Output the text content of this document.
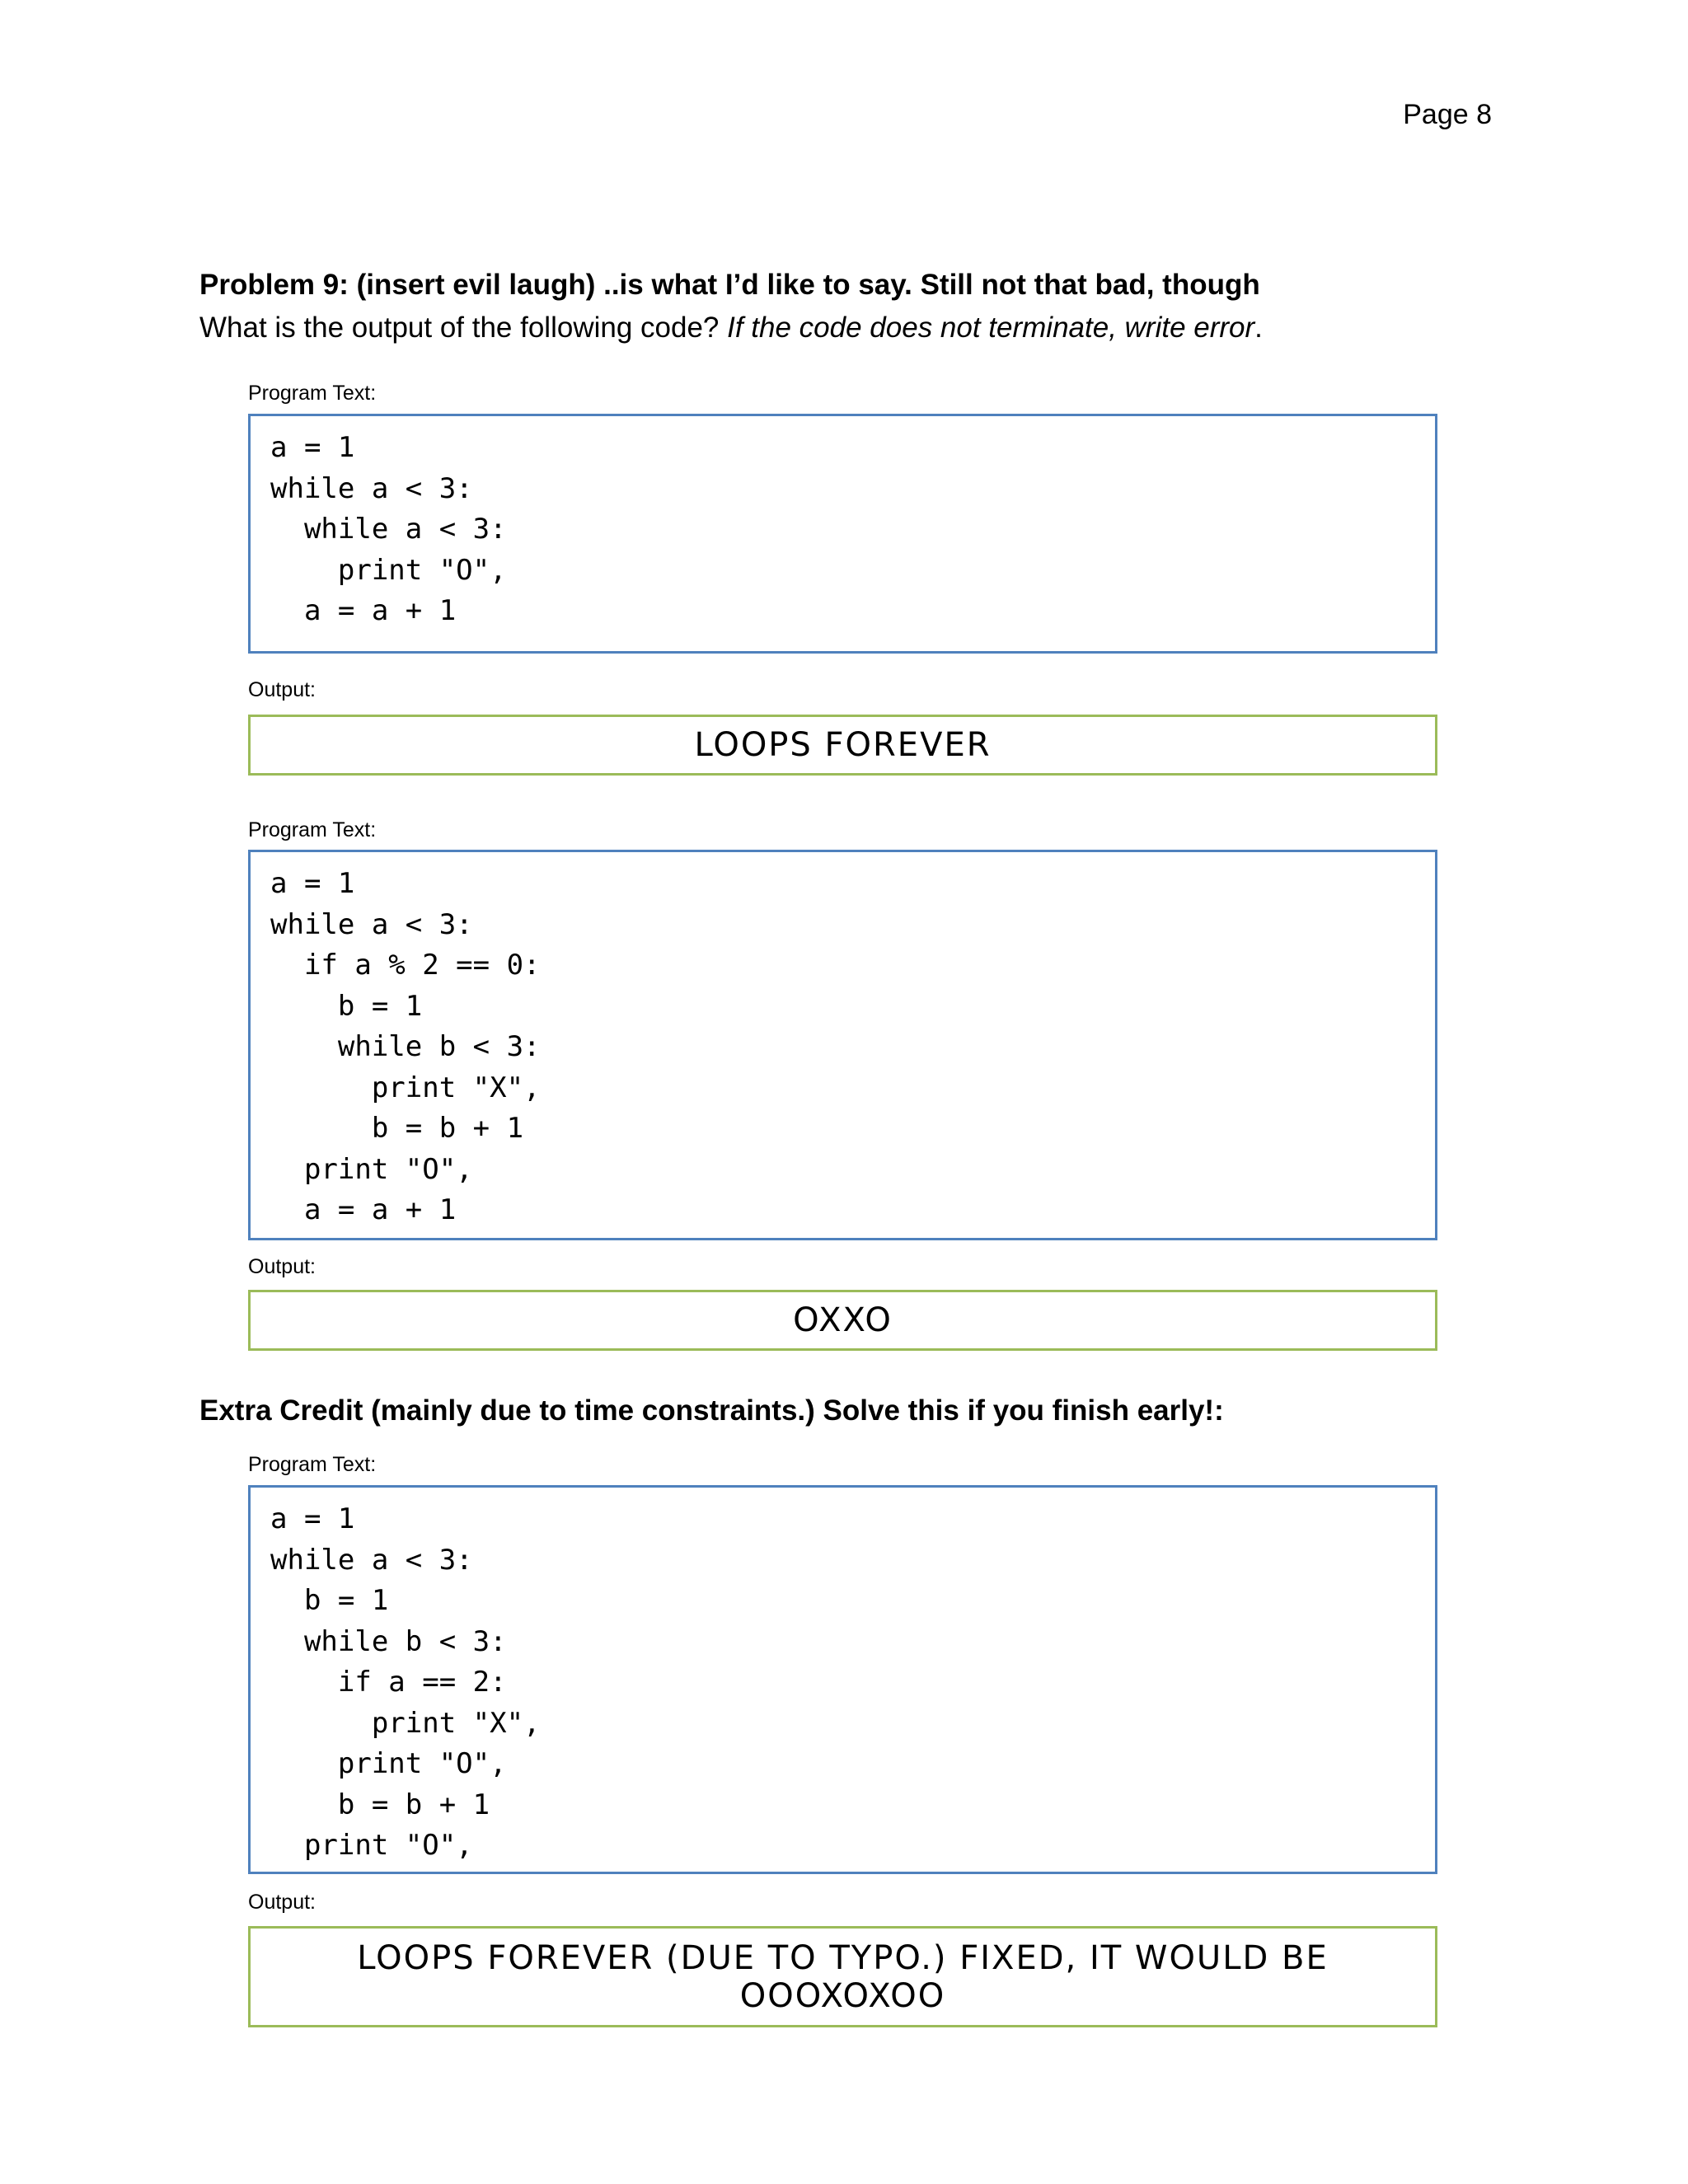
Page 8
Problem 9: (insert evil laugh) ..is what I’d like to say. Still not that bad, though
What is the output of the following code? If the code does not terminate, write error.
Program Text:
a = 1
while a < 3:
while a < 3:
print "O",
a = a + 1
Output:
LOOPS FOREVER
Program Text:
a = 1
while a < 3:
if a % 2 == 0:
b = 1
while b < 3:
print "X",
b = b + 1
print "O",
a = a + 1
Output:
OXXO
Extra Credit (mainly due to time constraints.) Solve this if you finish early!:
Program Text:
a = 1
while a < 3:
b = 1
while b < 3:
if a == 2:
print "X",
print "O",
b = b + 1
print "O",
Output:
LOOPS FOREVER (DUE TO TYPO.) FIXED, IT WOULD BE OOOXOXOO
